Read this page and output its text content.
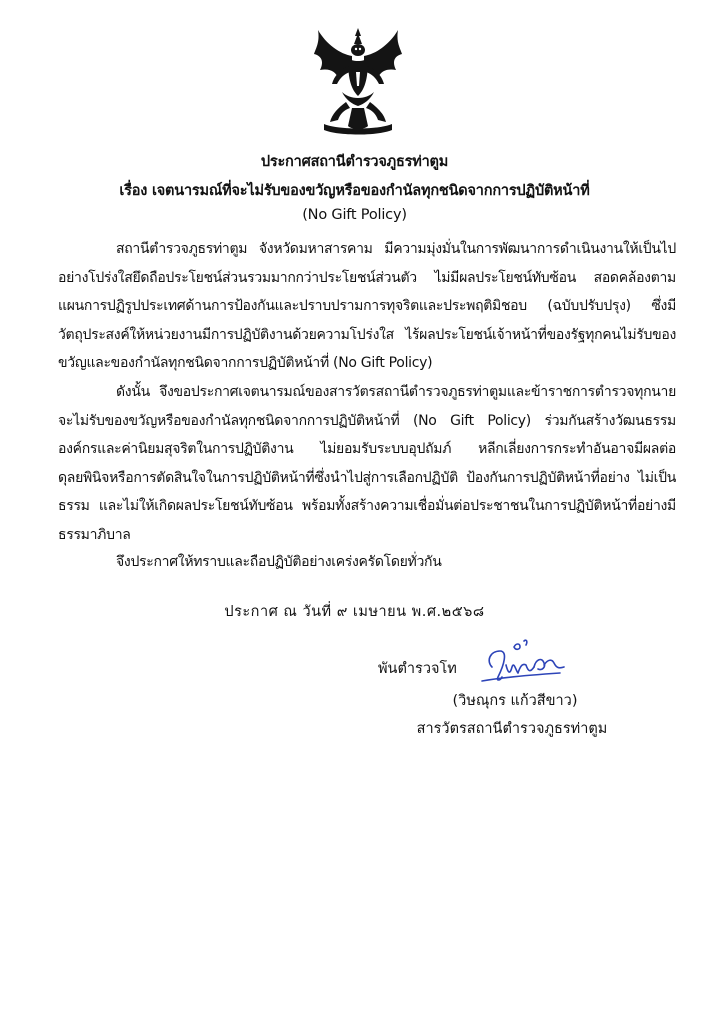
ประกาศสถานีตำรวจภูธรท่าตูม
เรื่อง เจตนารมณ์ที่จะไม่รับของขวัญหรือของกำนัลทุกชนิดจากการปฏิบัติหน้าที่
(No Gift Policy)
สถานีตำรวจภูธรท่าตูม จังหวัดมหาสารคาม มีความมุ่งมั่นในการพัฒนาการดำเนินงานให้เป็นไปอย่างโปร่งใสยึดถือประโยชน์ส่วนรวมมากกว่าประโยชน์ส่วนตัว ไม่มีผลประโยชน์ทับซ้อน สอดคล้องตามแผนการปฏิรูปประเทศด้านการป้องกันและปราบปรามการทุจริตและประพฤติมิชอบ (ฉบับปรับปรุง) ซึ่งมีวัตถุประสงค์ให้หน่วยงานมีการปฏิบัติงานด้วยความโปร่งใส ไร้ผลประโยชน์เจ้าหน้าที่ของรัฐทุกคนไม่รับของขวัญและของกำนัลทุกชนิดจากการปฏิบัติหน้าที่ (No Gift Policy)
ดังนั้น จึงขอประกาศเจตนารมณ์ของสารวัตรสถานีตำรวจภูธรท่าตูมและข้าราชการตำรวจทุกนาย จะไม่รับของขวัญหรือของกำนัลทุกชนิดจากการปฏิบัติหน้าที่ (No Gift Policy) ร่วมกันสร้างวัฒนธรรมองค์กรและค่านิยมสุจริตในการปฏิบัติงาน ไม่ยอมรับระบบอุปถัมภ์ หลีกเลี่ยงการกระทำอันอาจมีผลต่อดุลยพินิจหรือการตัดสินใจในการปฏิบัติหน้าที่ซึ่งนำไปสู่การเลือกปฏิบัติ ป้องกันการปฏิบัติหน้าที่อย่าง ไม่เป็นธรรม และไม่ให้เกิดผลประโยชน์ทับซ้อน พร้อมทั้งสร้างความเชื่อมั่นต่อประชาชนในการปฏิบัติหน้าที่อย่างมีธรรมาภิบาล
จึงประกาศให้ทราบและถือปฏิบัติอย่างเคร่งครัดโดยทั่วกัน
ประกาศ ณ วันที่ ๙ เมษายน พ.ศ.๒๕๖๘
พันตำรวจโท
(วิษณุกร แก้วสีขาว)
สารวัตรสถานีตำรวจภูธรท่าตูม
